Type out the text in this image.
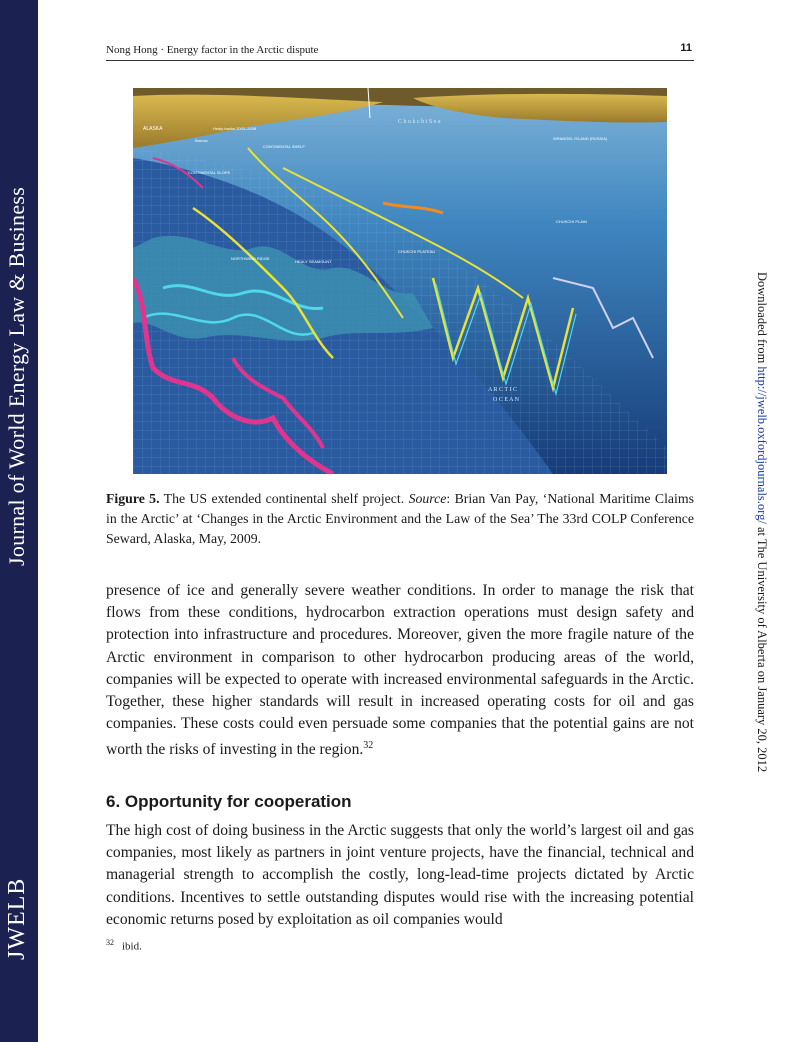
Journal of World Energy Law & Business
JWELB
Nong Hong · Energy factor in the Arctic dispute	11
Downloaded from http://jwelb.oxfordjournals.org/ at The University of Alberta on January 20, 2012
ALASKA
C h u k c h i S e a
WRANGEL ISLAND (RUSSIA)
Healy tracks 2003–2008
Barrow
CONTINENTAL SHELF
CONTINENTAL SLOPE
NORTHWIND RIDGE
HEALY SEAMOUNT
CHUKCHI PLATEAU
CHUKCHI PLAIN
A R C T I C
O C E A N
Figure 5. The US extended continental shelf project. Source: Brian Van Pay, ‘National Maritime Claims in the Arctic’ at ‘Changes in the Arctic Environment and the Law of the Sea’ The 33rd COLP Conference Seward, Alaska, May, 2009.
presence of ice and generally severe weather conditions. In order to manage the risk that flows from these conditions, hydrocarbon extraction operations must design safety and protection into infrastructure and procedures. Moreover, given the more fragile nature of the Arctic environment in comparison to other hydrocarbon producing areas of the world, companies will be expected to operate with increased environmental safeguards in the Arctic. Together, these higher standards will result in increased operating costs for oil and gas companies. These costs could even persuade some companies that the potential gains are not worth the risks of investing in the region.$^{32}$
6. Opportunity for cooperation
The high cost of doing business in the Arctic suggests that only the world’s largest oil and gas companies, most likely as partners in joint venture projects, have the financial, technical and managerial strength to accomplish the costly, long-lead-time projects dictated by Arctic conditions. Incentives to settle outstanding disputes would rise with the increasing potential economic returns posed by exploitation as oil companies would
$^{32}$ ibid.
